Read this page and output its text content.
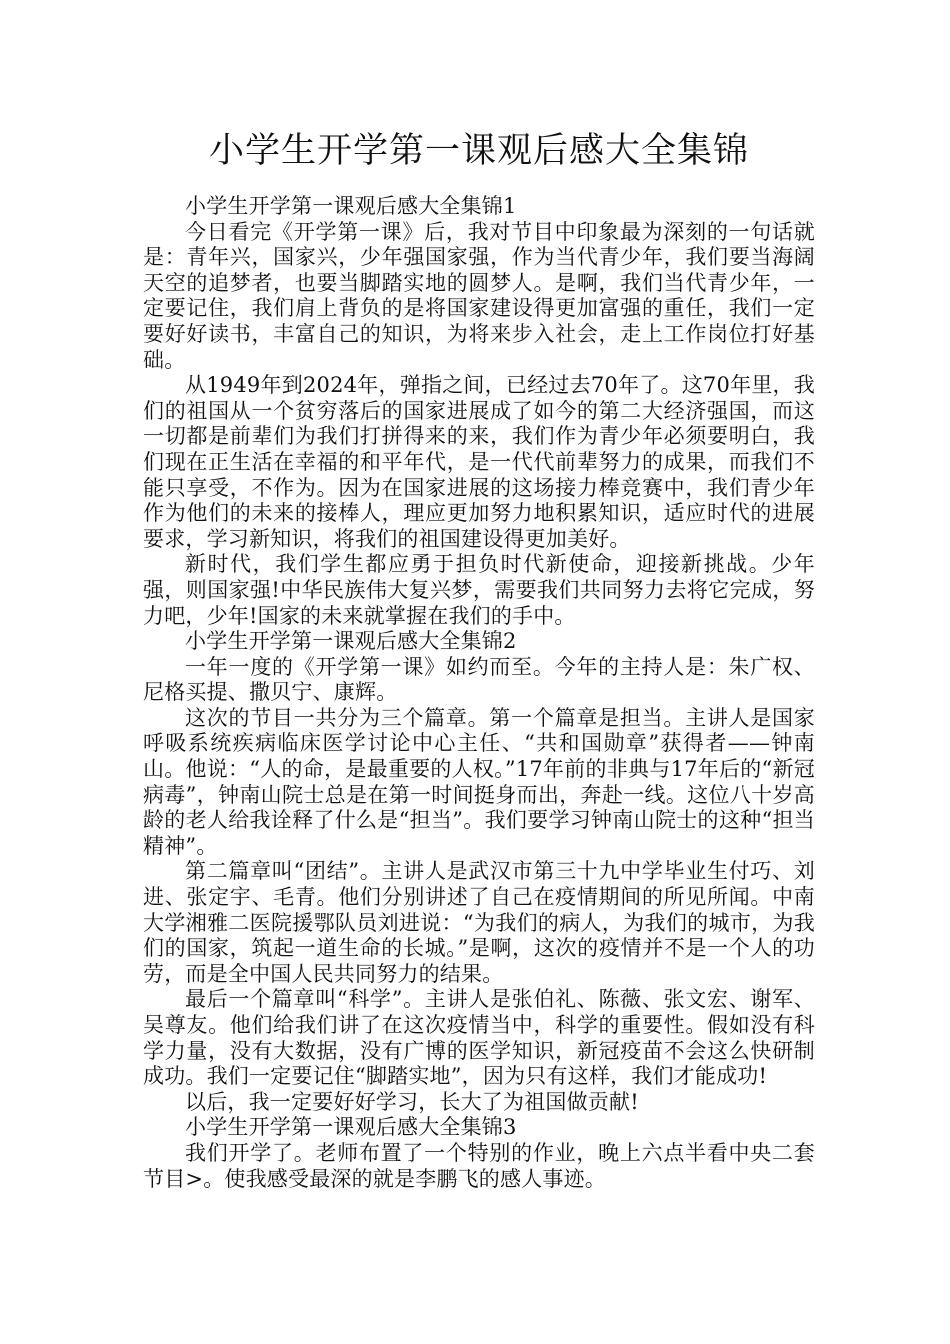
小学生开学第一课观后感大全集锦

小学生开学第一课观后感大全集锦1

今日看完《开学第一课》后，我对节目中印象最为深刻的一句话就是：青年兴，国家兴，少年强国家强，作为当代青少年，我们要当海阔天空的追梦者，也要当脚踏实地的圆梦人。是啊，我们当代青少年，一定要记住，我们肩上背负的是将国家建设得更加富强的重任，我们一定要好好读书，丰富自己的知识，为将来步入社会，走上工作岗位打好基础。

从1949年到2024年，弹指之间，已经过去70年了。这70年里，我们的祖国从一个贫穷落后的国家进展成了如今的第二大经济强国，而这一切都是前辈们为我们打拼得来的来，我们作为青少年必须要明白，我们现在正生活在幸福的和平年代，是一代代前辈努力的成果，而我们不能只享受，不作为。因为在国家进展的这场接力棒竞赛中，我们青少年作为他们的未来的接棒人，理应更加努力地积累知识，适应时代的进展要求，学习新知识，将我们的祖国建设得更加美好。

新时代，我们学生都应勇于担负时代新使命，迎接新挑战。少年强，则国家强!中华民族伟大复兴梦，需要我们共同努力去将它完成，努力吧，少年!国家的未来就掌握在我们的手中。

小学生开学第一课观后感大全集锦2

一年一度的《开学第一课》如约而至。今年的主持人是：朱广权、尼格买提、撒贝宁、康辉。

这次的节目一共分为三个篇章。第一个篇章是担当。主讲人是国家呼吸系统疾病临床医学讨论中心主任、“共和国勋章”获得者——钟南山。他说：“人的命，是最重要的人权。”17年前的非典与17年后的“新冠病毒”，钟南山院士总是在第一时间挺身而出，奔赴一线。这位八十岁高龄的老人给我诠释了什么是“担当”。我们要学习钟南山院士的这种“担当精神”。

第二篇章叫“团结”。主讲人是武汉市第三十九中学毕业生付巧、刘进、张定宇、毛青。他们分别讲述了自己在疫情期间的所见所闻。中南大学湘雅二医院援鄂队员刘进说：“为我们的病人，为我们的城市，为我们的国家，筑起一道生命的长城。”是啊，这次的疫情并不是一个人的功劳，而是全中国人民共同努力的结果。

最后一个篇章叫“科学”。主讲人是张伯礼、陈薇、张文宏、谢军、吴尊友。他们给我们讲了在这次疫情当中，科学的重要性。假如没有科学力量，没有大数据，没有广博的医学知识，新冠疫苗不会这么快研制成功。我们一定要记住“脚踏实地”，因为只有这样，我们才能成功!

以后，我一定要好好学习，长大了为祖国做贡献!

小学生开学第一课观后感大全集锦3

我们开学了。老师布置了一个特别的作业，晚上六点半看中央二套节目>。使我感受最深的就是李鹏飞的感人事迹。
